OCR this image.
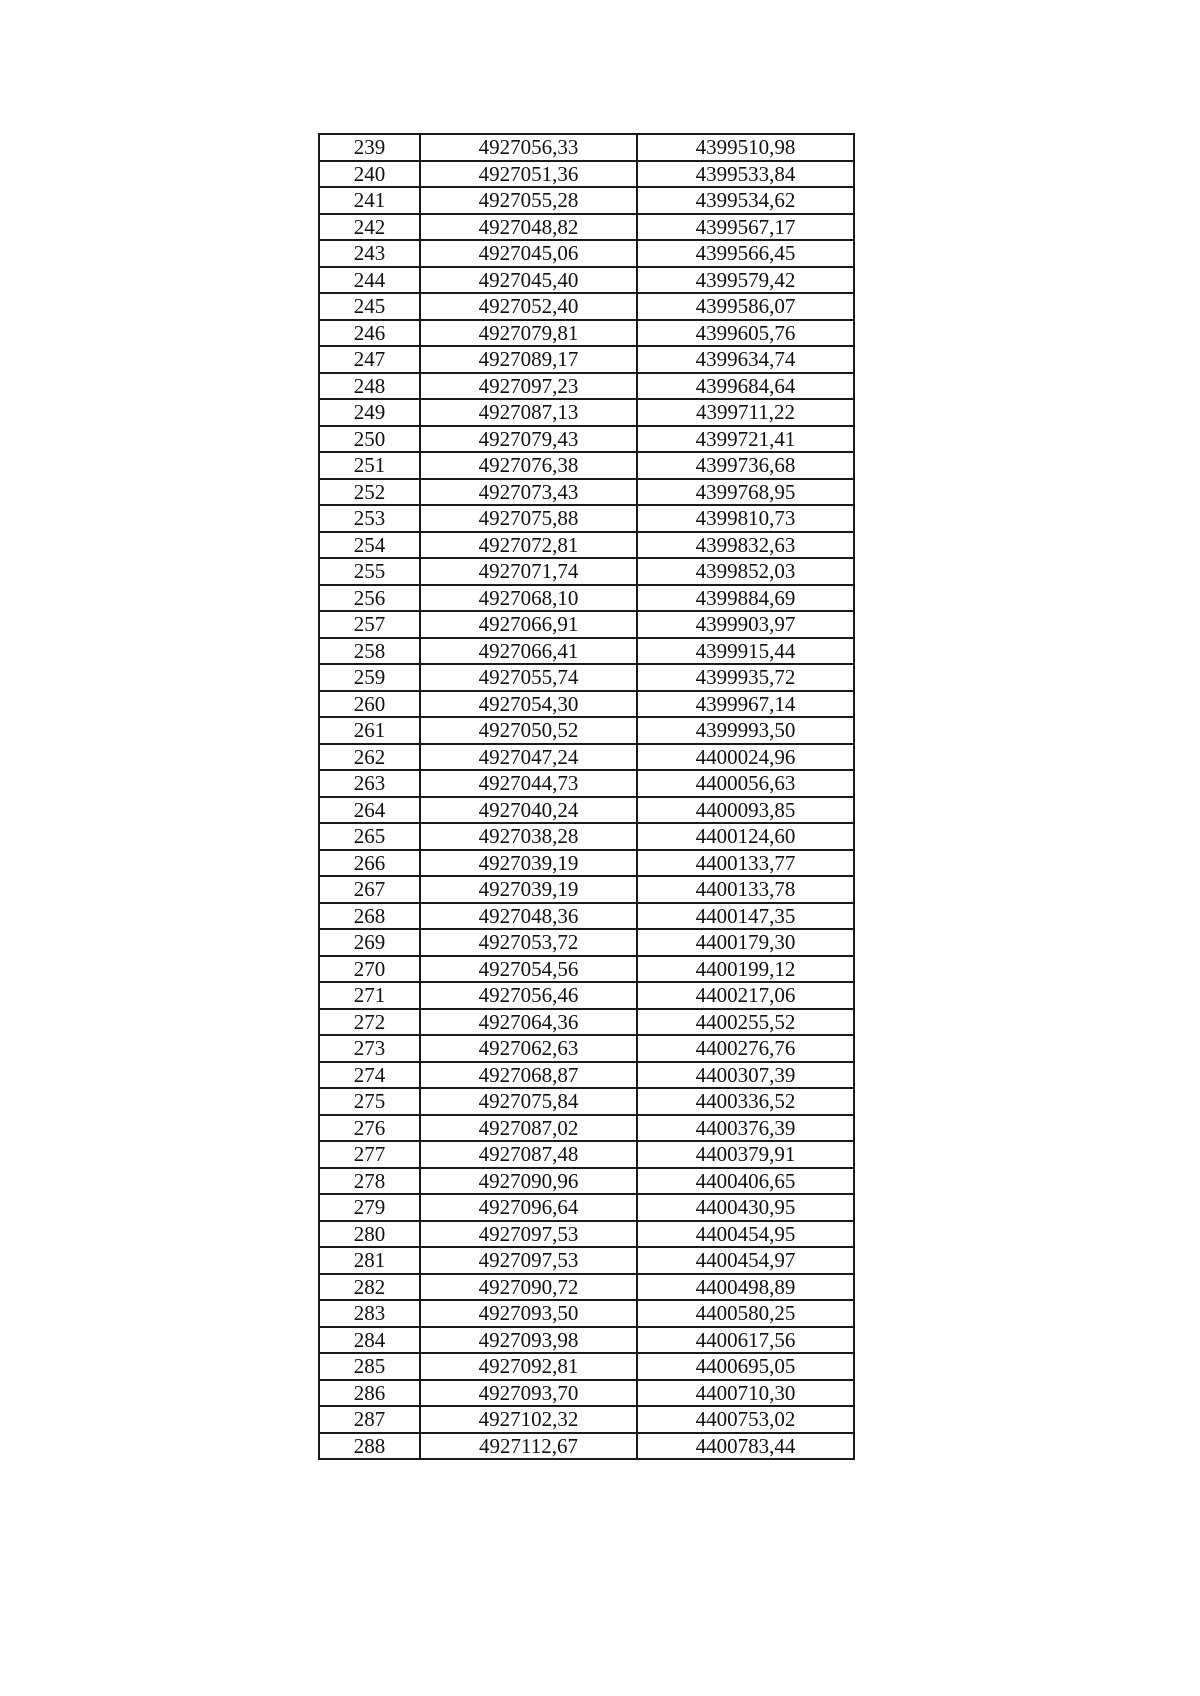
239	4927056,33	4399510,98
240	4927051,36	4399533,84
241	4927055,28	4399534,62
242	4927048,82	4399567,17
243	4927045,06	4399566,45
244	4927045,40	4399579,42
245	4927052,40	4399586,07
246	4927079,81	4399605,76
247	4927089,17	4399634,74
248	4927097,23	4399684,64
249	4927087,13	4399711,22
250	4927079,43	4399721,41
251	4927076,38	4399736,68
252	4927073,43	4399768,95
253	4927075,88	4399810,73
254	4927072,81	4399832,63
255	4927071,74	4399852,03
256	4927068,10	4399884,69
257	4927066,91	4399903,97
258	4927066,41	4399915,44
259	4927055,74	4399935,72
260	4927054,30	4399967,14
261	4927050,52	4399993,50
262	4927047,24	4400024,96
263	4927044,73	4400056,63
264	4927040,24	4400093,85
265	4927038,28	4400124,60
266	4927039,19	4400133,77
267	4927039,19	4400133,78
268	4927048,36	4400147,35
269	4927053,72	4400179,30
270	4927054,56	4400199,12
271	4927056,46	4400217,06
272	4927064,36	4400255,52
273	4927062,63	4400276,76
274	4927068,87	4400307,39
275	4927075,84	4400336,52
276	4927087,02	4400376,39
277	4927087,48	4400379,91
278	4927090,96	4400406,65
279	4927096,64	4400430,95
280	4927097,53	4400454,95
281	4927097,53	4400454,97
282	4927090,72	4400498,89
283	4927093,50	4400580,25
284	4927093,98	4400617,56
285	4927092,81	4400695,05
286	4927093,70	4400710,30
287	4927102,32	4400753,02
288	4927112,67	4400783,44
